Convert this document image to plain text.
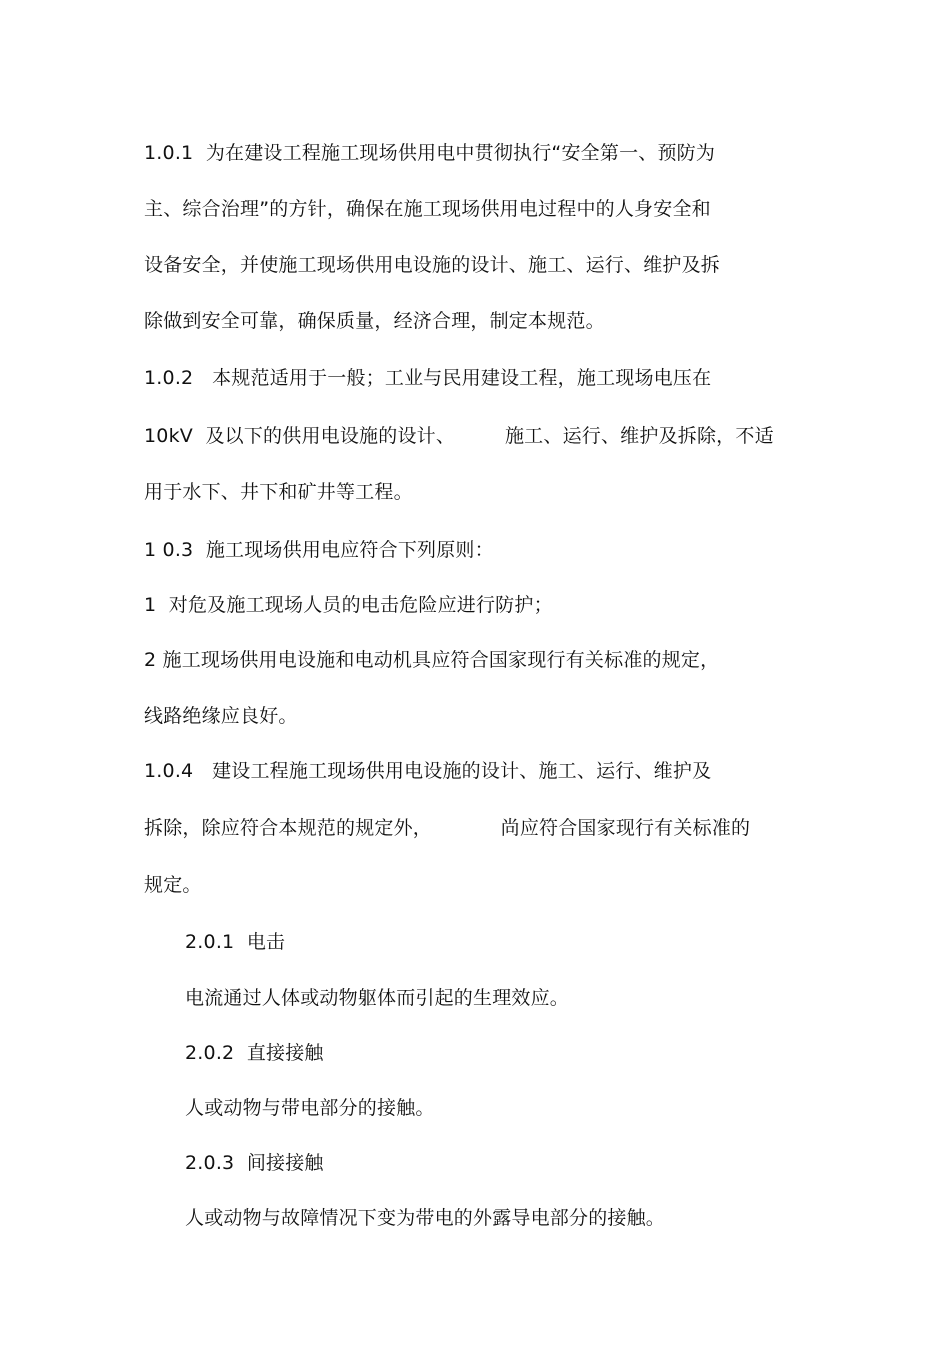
1.0.1  为在建设工程施工现场供用电中贯彻执行“安全第一、预防为
主、综合治理”的方针，确保在施工现场供用电过程中的人身安全和
设备安全，并使施工现场供用电设施的设计、施工、运行、维护及拆
除做到安全可靠，确保质量，经济合理，制定本规范。
1.0.2   本规范适用于一般；工业与民用建设工程，施工现场电压在
10kV  及以下的供用电设施的设计、        施工、运行、维护及拆除，不适
用于水下、井下和矿井等工程。
1 0.3  施工现场供用电应符合下列原则：
1  对危及施工现场人员的电击危险应进行防护；
2 施工现场供用电设施和电动机具应符合国家现行有关标准的规定，
线路绝缘应良好。
1.0.4   建设工程施工现场供用电设施的设计、施工、运行、维护及
拆除，除应符合本规范的规定外，           尚应符合国家现行有关标准的
规定。
2.0.1  电击
电流通过人体或动物躯体而引起的生理效应。
2.0.2  直接接触
人或动物与带电部分的接触。
2.0.3  间接接触
人或动物与故障情况下变为带电的外露导电部分的接触。
